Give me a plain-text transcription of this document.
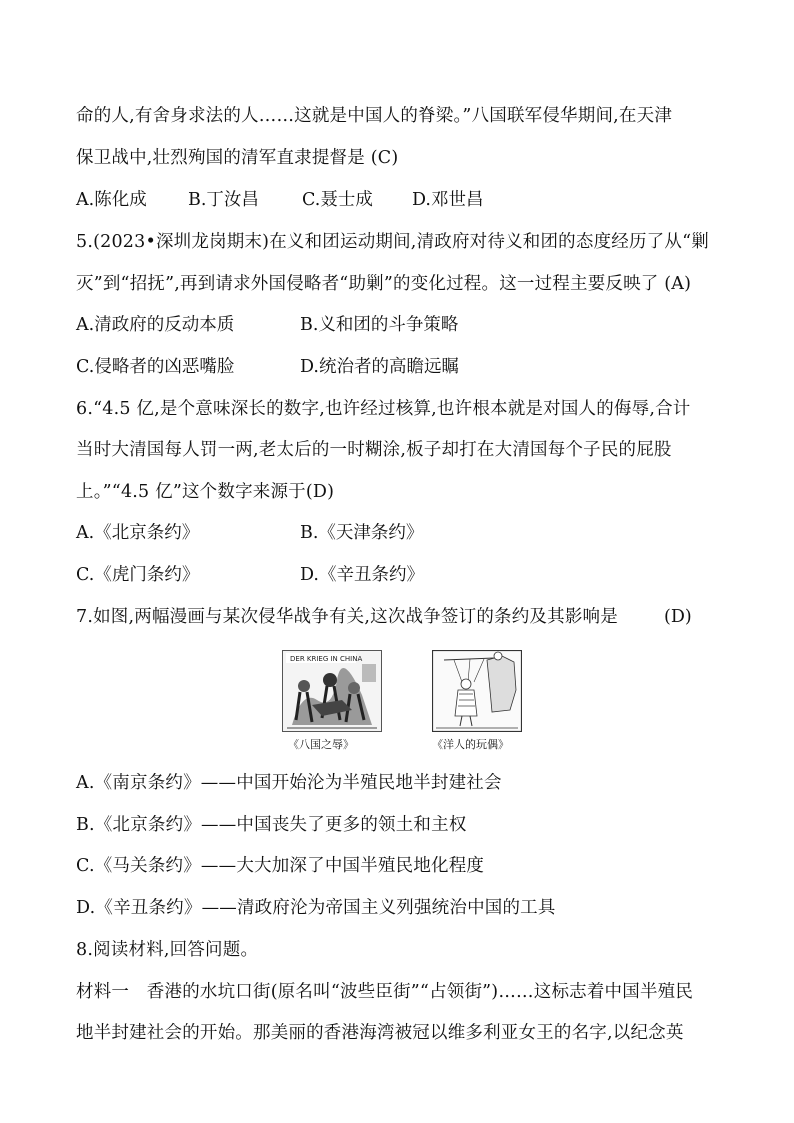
命的人,有舍身求法的人……这就是中国人的脊梁。”八国联军侵华期间,在天津
保卫战中,壮烈殉国的清军直隶提督是 (C)
A.陈化成 B.丁汝昌 C.聂士成 D.邓世昌
5.(2023•深圳龙岗期末)在义和团运动期间,清政府对待义和团的态度经历了从“剿
灭”到“招抚”,再到请求外国侵略者“助剿”的变化过程。这一过程主要反映了 (A)
A.清政府的反动本质	B.义和团的斗争策略
C.侵略者的凶恶嘴脸	D.统治者的高瞻远瞩
6.“4.5 亿,是个意味深长的数字,也许经过核算,也许根本就是对国人的侮辱,合计
当时大清国每人罚一两,老太后的一时糊涂,板子却打在大清国每个子民的屁股
上。”“4.5 亿”这个数字来源于(D)
A.《北京条约》	B.《天津条约》
C.《虎门条约》	D.《辛丑条约》
7.如图,两幅漫画与某次侵华战争有关,这次战争签订的条约及其影响是	(D)
DER KRIEG IN CHINA
《八国之辱》	《洋人的玩偶》
A.《南京条约》——中国开始沦为半殖民地半封建社会
B.《北京条约》——中国丧失了更多的领土和主权
C.《马关条约》——大大加深了中国半殖民地化程度
D.《辛丑条约》——清政府沦为帝国主义列强统治中国的工具
8.阅读材料,回答问题。
材料一　香港的水坑口街(原名叫“波些臣街”“占领街”)……这标志着中国半殖民
地半封建社会的开始。那美丽的香港海湾被冠以维多利亚女王的名字,以纪念英
